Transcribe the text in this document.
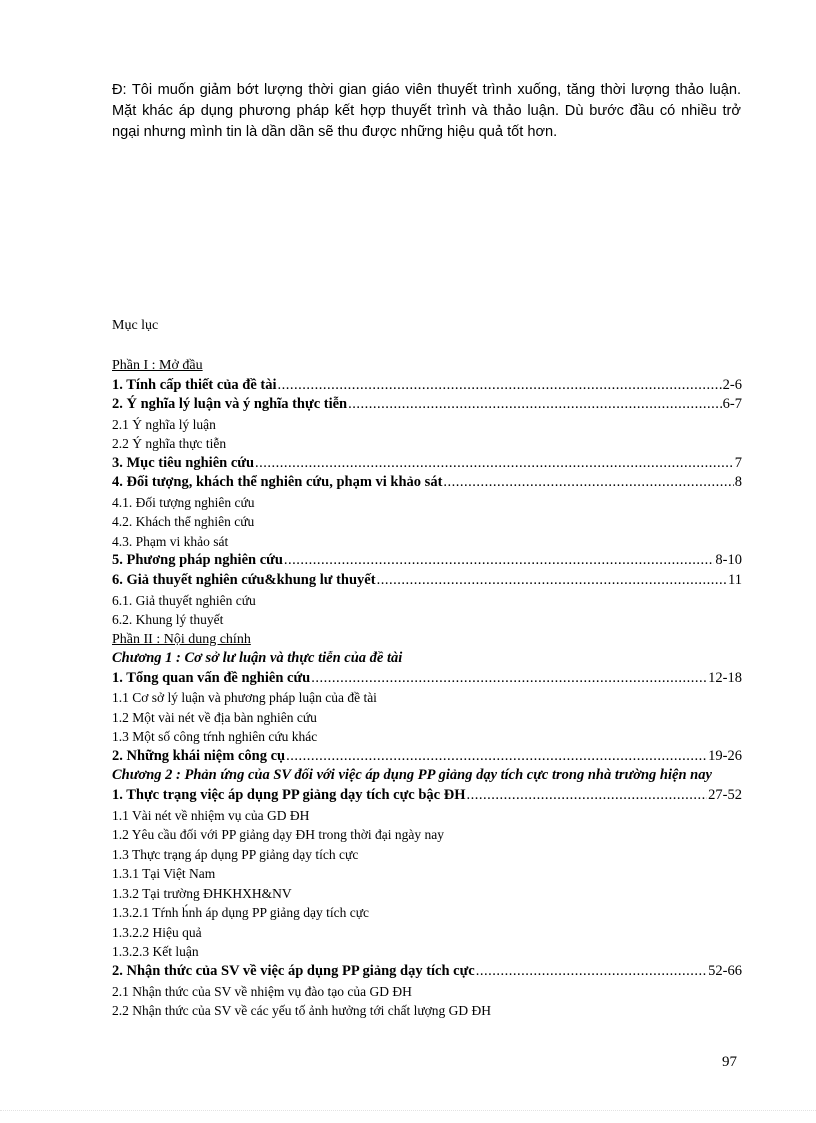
Đ: Tôi muốn giảm bớt lượng thời gian giáo viên thuyết trình xuống, tăng thời lượng thảo luận. Mặt khác áp dụng phương pháp kết hợp thuyết trình và thảo luận. Dù bước đầu có nhiều trở ngại nhưng mình tin là dần dần sẽ thu được những hiệu quả tốt hơn.

Mục lục

Phần I : Mở đầu
1. Tính cấp thiết của đề tài .....	2-6
2. Ý nghĩa lý luận và ý nghĩa thực tiễn .....	6-7
2.1 Ý nghĩa lý luận
2.2 Ý nghĩa thực tiễn
3. Mục tiêu nghiên cứu .....	7
4. Đối tượng, khách thể nghiên cứu, phạm vi khảo sát .....	8
4.1. Đối tượng nghiên cứu
4.2. Khách thể nghiên cứu
4.3. Phạm vi khảo sát
5. Phương pháp nghiên cứu .....	8-10
6. Giả thuyết nghiên cứu&khung lư thuyết .....	11
6.1. Giả thuyết nghiên cứu
6.2. Khung lý thuyết
Phần II : Nội dung chính
Chương 1 : Cơ sở lư luận và thực tiễn của đề tài
1. Tổng quan vấn đề nghiên cứu .....	12-18
1.1 Cơ sở lý luận và phương pháp luận của đề tài
1.2 Một vài nét về địa bàn nghiên cứu
1.3 Một số công tŕnh nghiên cứu khác
2. Những khái niệm công cụ .....	19-26
Chương 2 : Phản ứng của SV đối với việc áp dụng PP giảng dạy tích cực trong nhà trường hiện nay
1. Thực trạng việc áp dụng PP giảng dạy tích cực bậc ĐH .....	27-52
1.1 Vài nét về nhiệm vụ của GD ĐH
1.2 Yêu cầu đối với PP giảng dạy ĐH trong thời đại ngày nay
1.3 Thực trạng áp dụng PP giảng dạy tích cực
1.3.1 Tại Việt Nam
1.3.2 Tại trường ĐHKHXH&NV
1.3.2.1 Tŕnh h́nh áp dụng PP giảng dạy tích cực
1.3.2.2 Hiệu quả
1.3.2.3 Kết luận
2. Nhận thức của SV về việc áp dụng PP giảng dạy tích cực .....	52-66
2.1 Nhận thức của SV về nhiệm vụ đào tạo của GD ĐH
2.2 Nhận thức của SV về các yếu tố ảnh hưởng tới chất lượng GD ĐH
97
